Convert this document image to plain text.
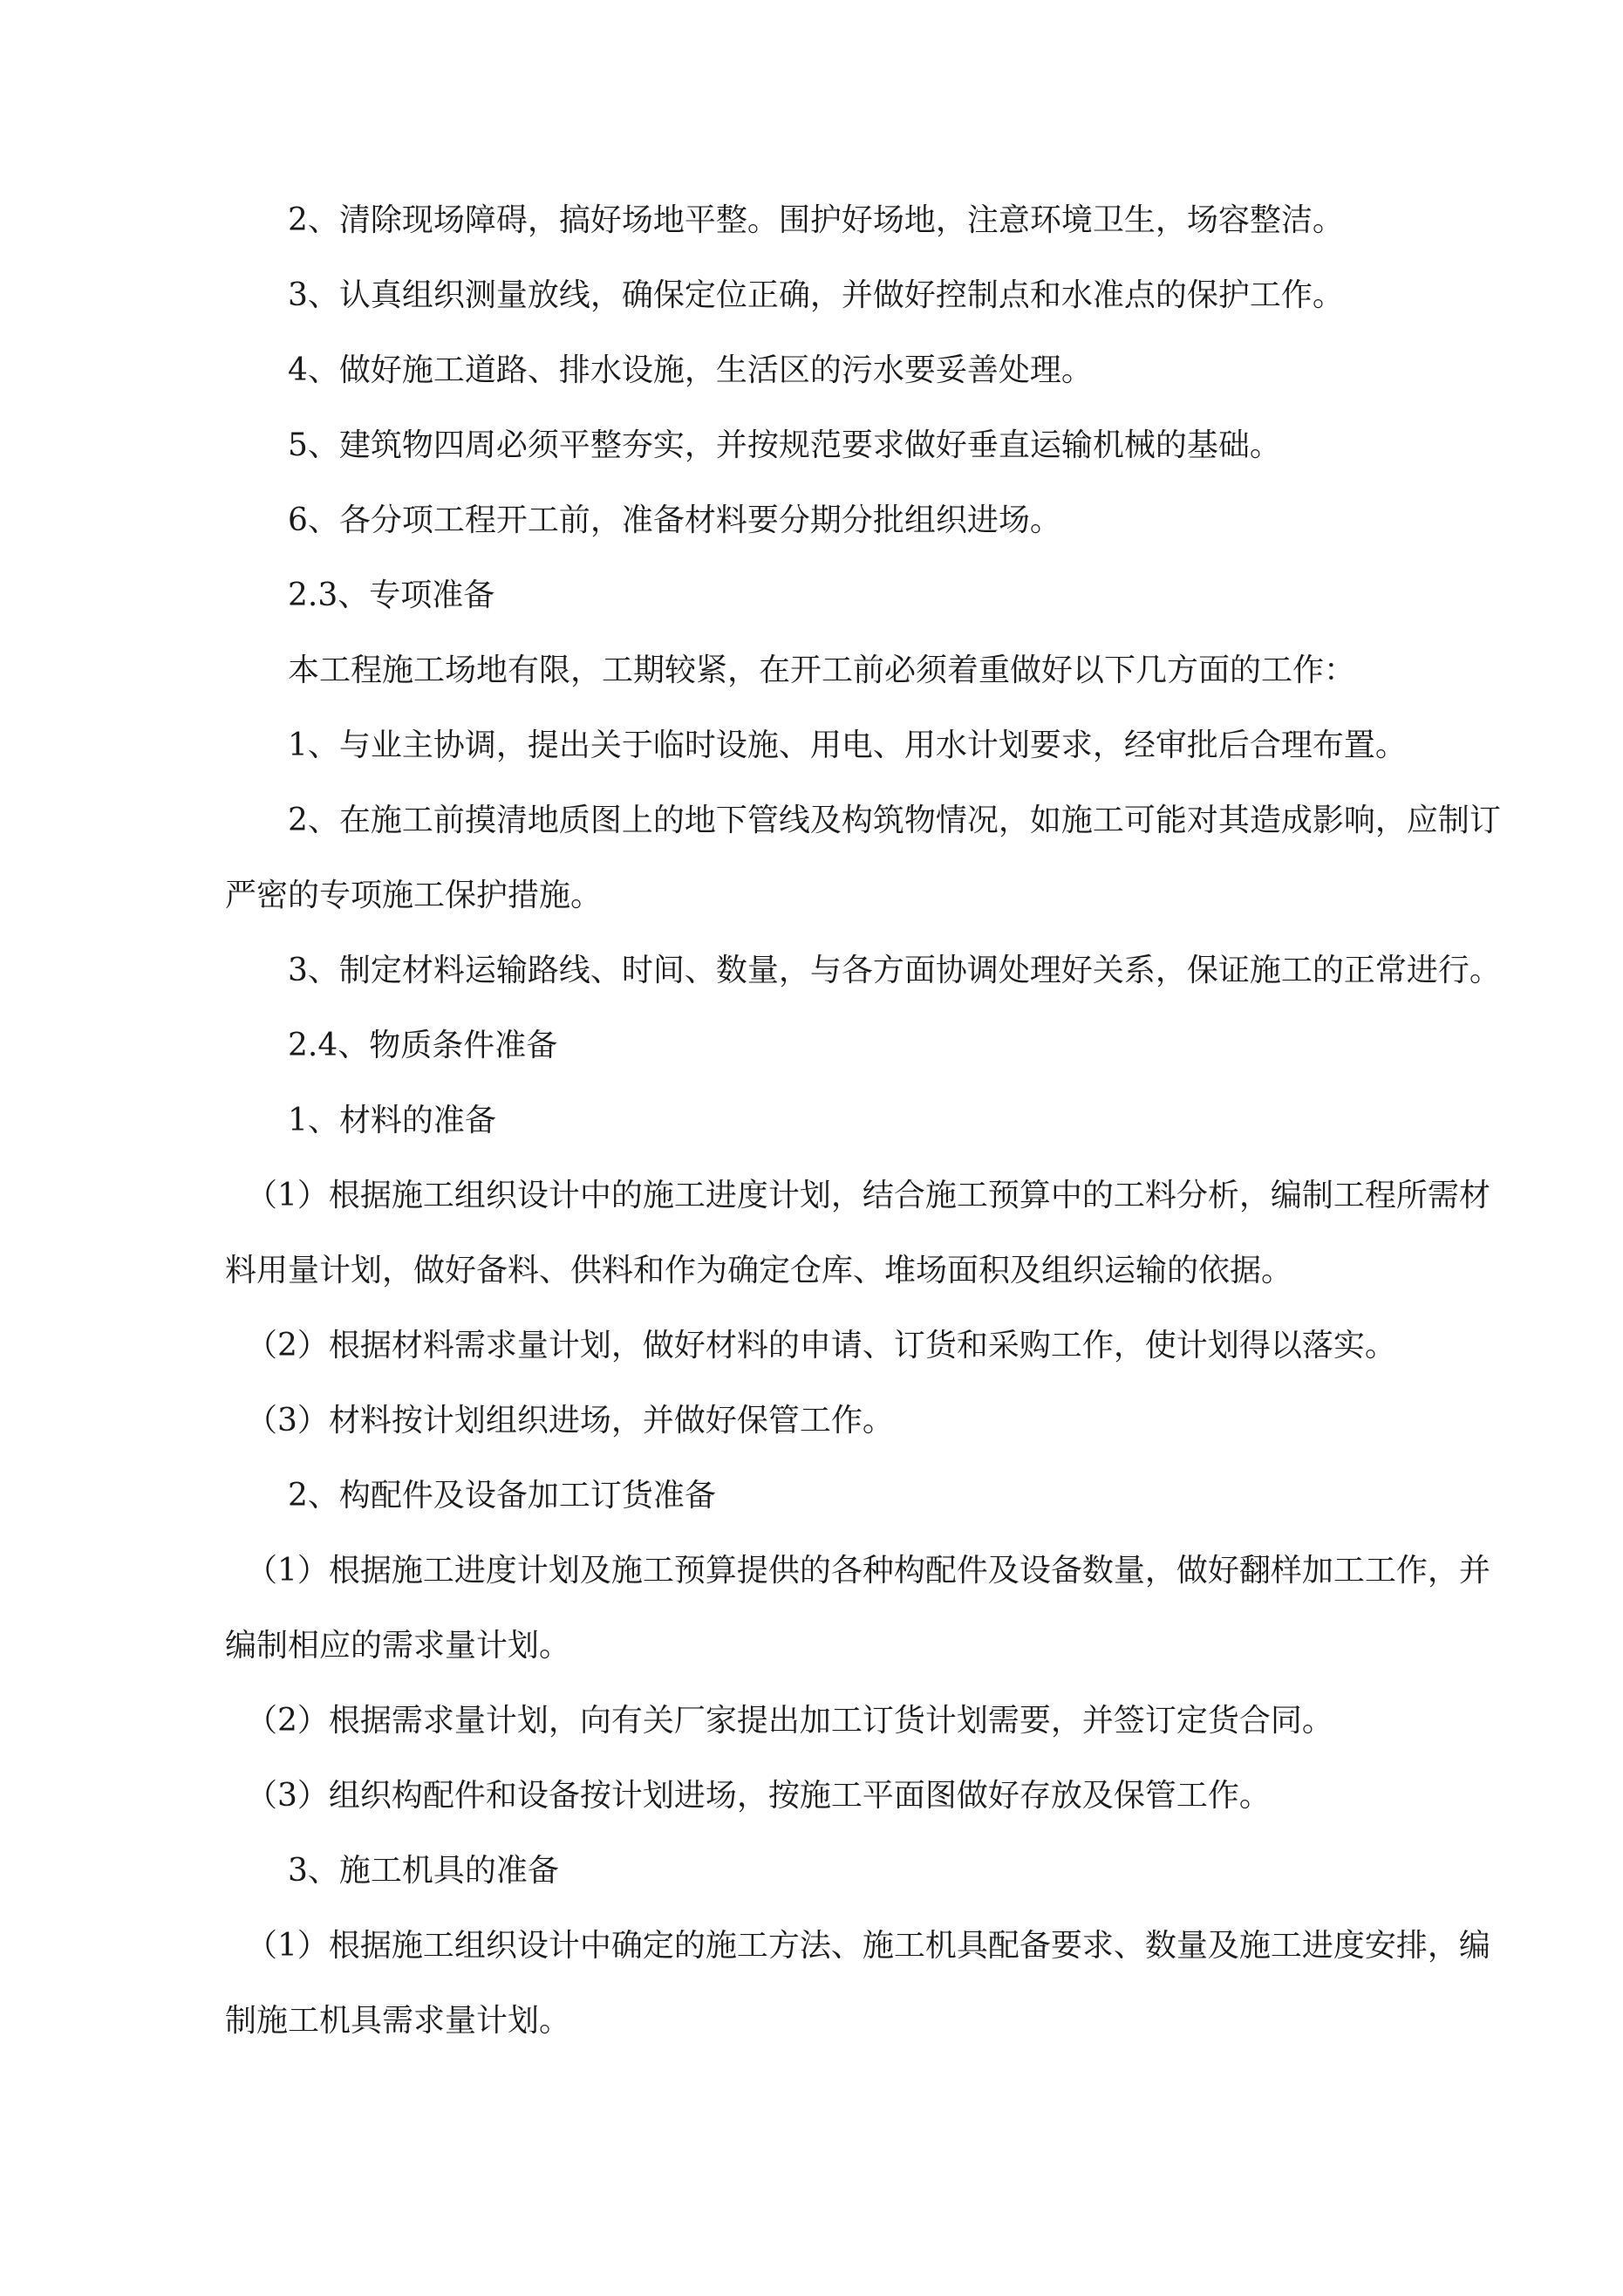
2、清除现场障碍，搞好场地平整。围护好场地，注意环境卫生，场容整洁。

3、认真组织测量放线，确保定位正确，并做好控制点和水准点的保护工作。

4、做好施工道路、排水设施，生活区的污水要妥善处理。

5、建筑物四周必须平整夯实，并按规范要求做好垂直运输机械的基础。

6、各分项工程开工前，准备材料要分期分批组织进场。

2.3、专项准备

本工程施工场地有限，工期较紧，在开工前必须着重做好以下几方面的工作：

1、与业主协调，提出关于临时设施、用电、用水计划要求，经审批后合理布置。

2、在施工前摸清地质图上的地下管线及构筑物情况，如施工可能对其造成影响，应制订严密的专项施工保护措施。

3、制定材料运输路线、时间、数量，与各方面协调处理好关系，保证施工的正常进行。

2.4、物质条件准备

1、材料的准备

（1）根据施工组织设计中的施工进度计划，结合施工预算中的工料分析，编制工程所需材料用量计划，做好备料、供料和作为确定仓库、堆场面积及组织运输的依据。

（2）根据材料需求量计划，做好材料的申请、订货和采购工作，使计划得以落实。

（3）材料按计划组织进场，并做好保管工作。

2、构配件及设备加工订货准备

（1）根据施工进度计划及施工预算提供的各种构配件及设备数量，做好翻样加工工作，并编制相应的需求量计划。

（2）根据需求量计划，向有关厂家提出加工订货计划需要，并签订定货合同。

（3）组织构配件和设备按计划进场，按施工平面图做好存放及保管工作。

3、施工机具的准备

（1）根据施工组织设计中确定的施工方法、施工机具配备要求、数量及施工进度安排，编制施工机具需求量计划。
